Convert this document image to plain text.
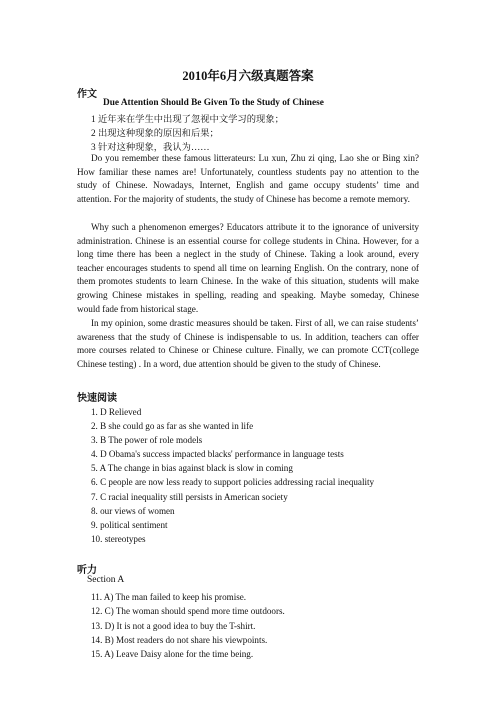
2010年6月六级真题答案
作文
Due Attention Should Be Given To the Study of Chinese
1 近年来在学生中出现了忽视中文学习的现象；
2 出现这种现象的原因和后果；
3 针对这种现象，我认为……
Do you remember these famous litterateurs: Lu xun, Zhu zi qing, Lao she or Bing xin? How familiar these names are! Unfortunately, countless students pay no attention to the study of Chinese. Nowadays, Internet, English and game occupy students’ time and attention. For the majority of students, the study of Chinese has become a remote memory.
Why such a phenomenon emerges? Educators attribute it to the ignorance of university administration. Chinese is an essential course for college students in China. However, for a long time there has been a neglect in the study of Chinese. Taking a look around, every teacher encourages students to spend all time on learning English. On the contrary, none of them promotes students to learn Chinese. In the wake of this situation, students will make growing Chinese mistakes in spelling, reading and speaking. Maybe someday, Chinese would fade from historical stage.
In my opinion, some drastic measures should be taken. First of all, we can raise students’ awareness that the study of Chinese is indispensable to us. In addition, teachers can offer more courses related to Chinese or Chinese culture. Finally, we can promote CCT(college Chinese testing) . In a word, due attention should be given to the study of Chinese.
快速阅读
1. D Relieved
2. B she could go as far as she wanted in life
3. B The power of role models
4. D Obama's success impacted blacks' performance in language tests
5. A The change in bias against black is slow in coming
6. C people are now less ready to support policies addressing racial inequality
7. C racial inequality still persists in American society
8. our views of women
9. political sentiment
10. stereotypes
听力
Section A
11. A) The man failed to keep his promise.
12. C) The woman should spend more time outdoors.
13. D) It is not a good idea to buy the T-shirt.
14. B) Most readers do not share his viewpoints.
15. A) Leave Daisy alone for the time being.
